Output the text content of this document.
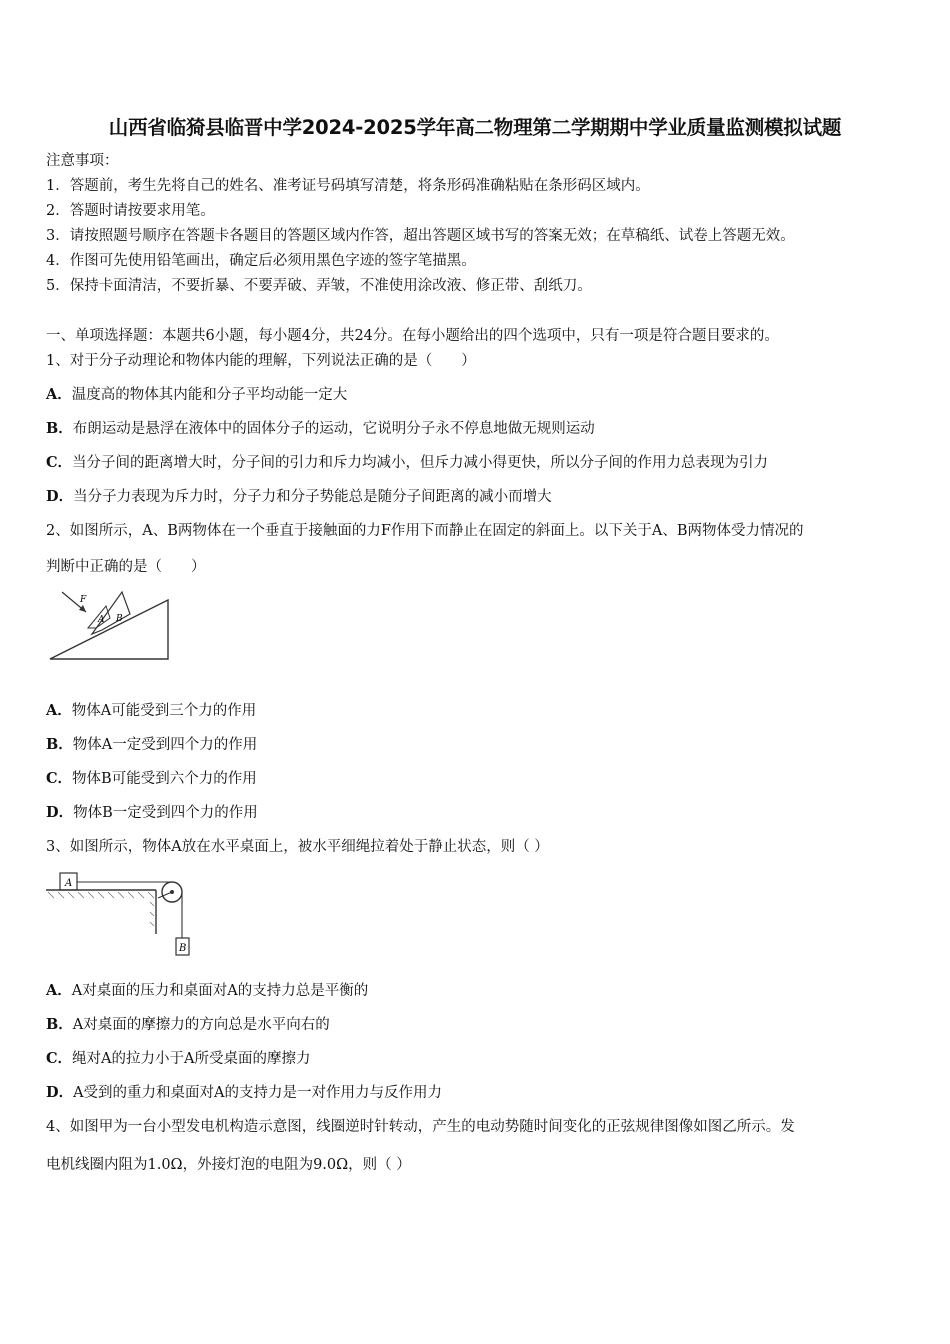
山西省临猗县临晋中学2024-2025学年高二物理第二学期期中学业质量监测模拟试题
注意事项：
1．答题前，考生先将自己的姓名、准考证号码填写清楚，将条形码准确粘贴在条形码区域内。
2．答题时请按要求用笔。
3．请按照题号顺序在答题卡各题目的答题区域内作答，超出答题区域书写的答案无效；在草稿纸、试卷上答题无效。
4．作图可先使用铅笔画出，确定后必须用黑色字迹的签字笔描黑。
5．保持卡面清洁，不要折暴、不要弄破、弄皱，不准使用涂改液、修正带、刮纸刀。
一、单项选择题：本题共6小题，每小题4分，共24分。在每小题给出的四个选项中，只有一项是符合题目要求的。
1、对于分子动理论和物体内能的理解，下列说法正确的是（　　）
A．温度高的物体其内能和分子平均动能一定大
B．布朗运动是悬浮在液体中的固体分子的运动，它说明分子永不停息地做无规则运动
C．当分子间的距离增大时，分子间的引力和斥力均减小，但斥力减小得更快，所以分子间的作用力总表现为引力
D．当分子力表现为斥力时，分子力和分子势能总是随分子间距离的减小而增大
2、如图所示，A、B两物体在一个垂直于接触面的力F作用下而静止在固定的斜面上。以下关于A、B两物体受力情况的
判断中正确的是（　　）
F
A B
A．物体A可能受到三个力的作用
B．物体A一定受到四个力的作用
C．物体B可能受到六个力的作用
D．物体B一定受到四个力的作用
3、如图所示，物体A放在水平桌面上，被水平细绳拉着处于静止状态，则（ ）
A
B
A．A对桌面的压力和桌面对A的支持力总是平衡的
B．A对桌面的摩擦力的方向总是水平向右的
C．绳对A的拉力小于A所受桌面的摩擦力
D．A受到的重力和桌面对A的支持力是一对作用力与反作用力
4、如图甲为一台小型发电机构造示意图，线圈逆时针转动，产生的电动势随时间变化的正弦规律图像如图乙所示。发
电机线圈内阻为1.0Ω，外接灯泡的电阻为9.0Ω，则（ ）
